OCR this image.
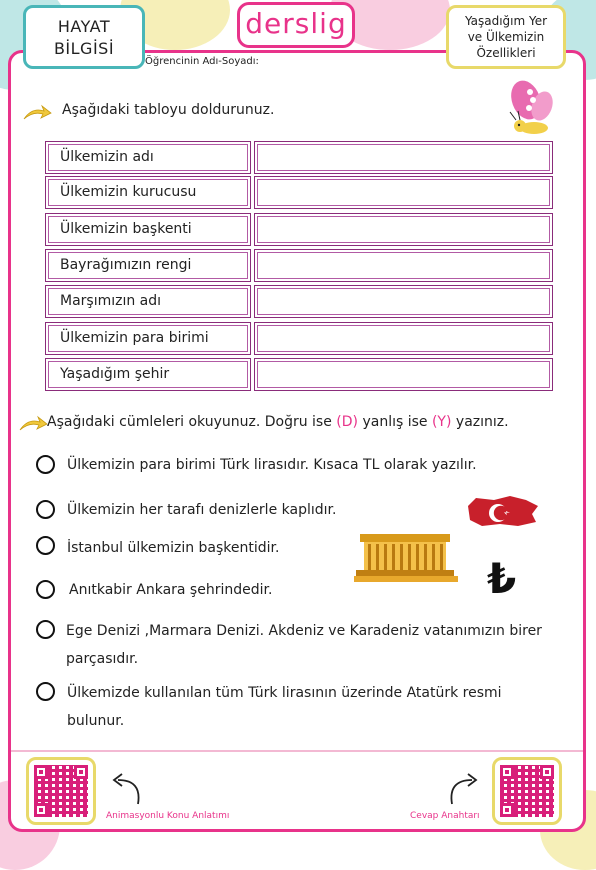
HAYAT
BİLGİSİ
derslig	Yaşadığım Yer
ve Ülkemizin
Özellikleri
Öğrencinin Adı-Soyadı:
Aşağıdaki tabloyu doldurunuz.
Ülkemizin adı
Ülkemizin kurucusu
Ülkemizin başkenti
Bayrağımızın rengi
Marşımızın adı
Ülkemizin para birimi
Yaşadığım şehir
Aşağıdaki cümleleri okuyunuz. Doğru ise (D) yanlış ise (Y) yazınız.
Ülkemizin para birimi Türk lirasıdır. Kısaca TL olarak yazılır.
Ülkemizin her tarafı denizlerle kaplıdır.
İstanbul ülkemizin başkentidir.
Anıtkabir Ankara şehrindedir.
Ege Denizi ,Marmara Denizi. Akdeniz ve Karadeniz vatanımızın birer parçasıdır.
Ülkemizde kullanılan tüm Türk lirasının üzerinde Atatürk resmi bulunur.
₺
Animasyonlu Konu Anlatımı	Cevap Anahtarı
